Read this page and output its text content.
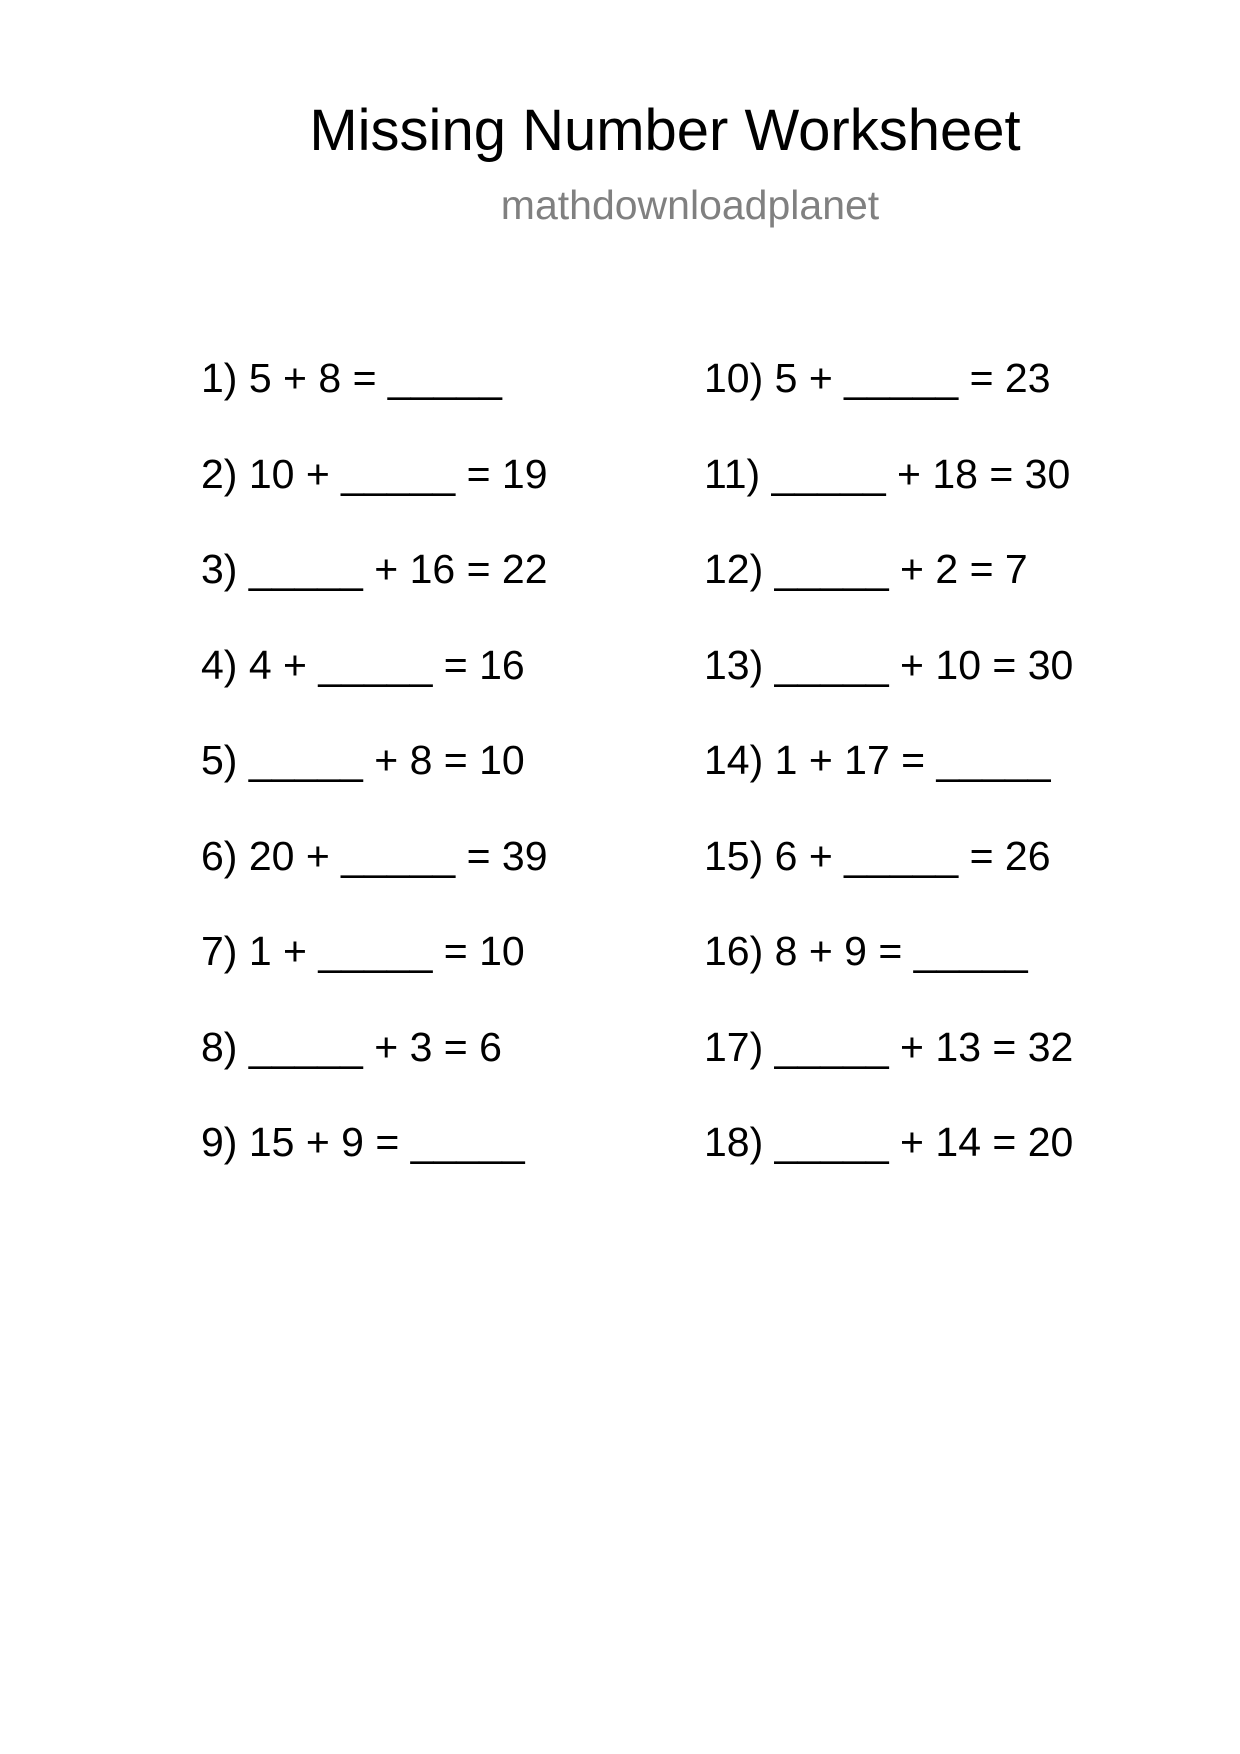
Missing Number Worksheet
mathdownloadplanet
1) 5 + 8 = _____
2) 10 + _____ = 19
3) _____ + 16 = 22
4) 4 + _____ = 16
5) _____ + 8 = 10
6) 20 + _____ = 39
7) 1 + _____ = 10
8) _____ + 3 = 6
9) 15 + 9 = _____
10) 5 + _____ = 23
11) _____ + 18 = 30
12) _____ + 2 = 7
13) _____ + 10 = 30
14) 1 + 17 = _____
15) 6 + _____ = 26
16) 8 + 9 = _____
17) _____ + 13 = 32
18) _____ + 14 = 20
